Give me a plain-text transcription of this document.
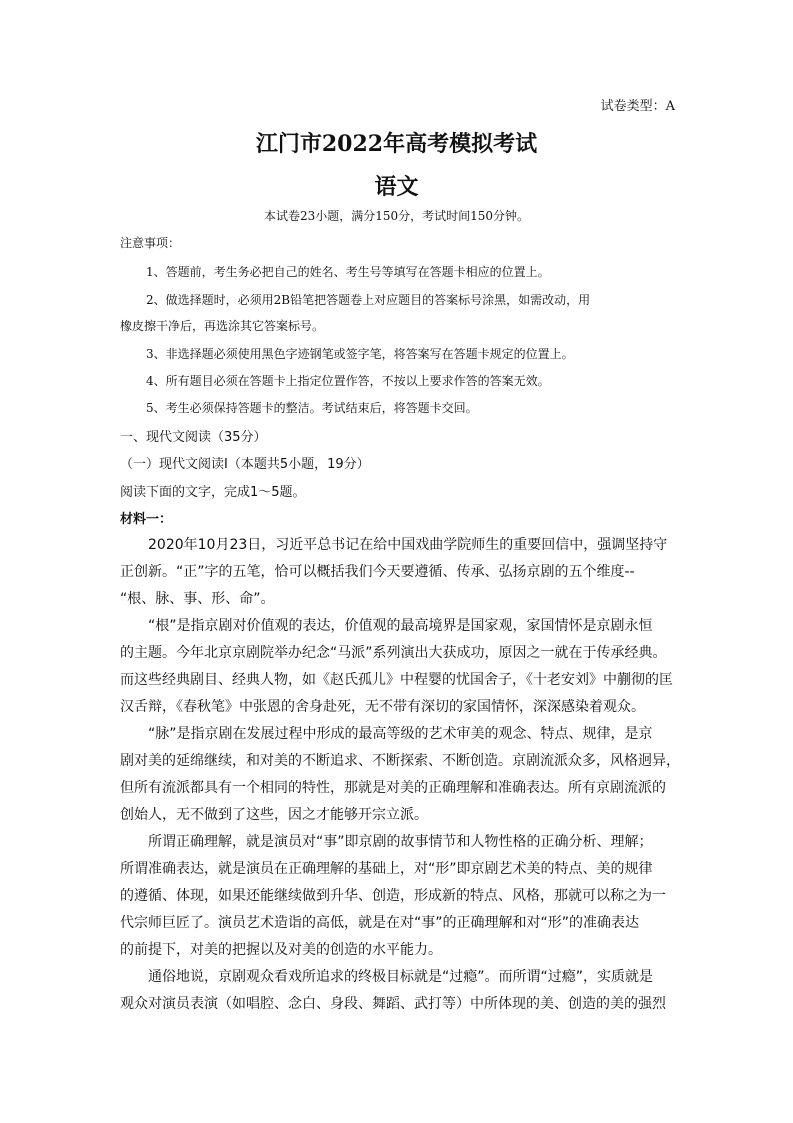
试卷类型：A
江门市2022年高考模拟考试
语文
本试卷23小题，满分150分，考试时间150分钟。
注意事项：
1、答题前，考生务必把自己的姓名、考生号等填写在答题卡相应的位置上。
2、做选择题时，必须用2B铅笔把答题卷上对应题目的答案标号涂黑，如需改动，用
橡皮擦干净后，再选涂其它答案标号。
3、非选择题必须使用黑色字迹钢笔或签字笔，将答案写在答题卡规定的位置上。
4、所有题目必须在答题卡上指定位置作答，不按以上要求作答的答案无效。
5、考生必须保持答题卡的整洁。考试结束后，将答题卡交回。
一、现代文阅读（35分）
（一）现代文阅读I（本题共5小题，19分）
阅读下面的文字，完成1～5题。
材料一：
2020年10月23日，习近平总书记在给中国戏曲学院师生的重要回信中，强调坚持守
正创新。“正”字的五笔，恰可以概括我们今天要遵循、传承、弘扬京剧的五个维度--
“根、脉、事、形、命”。
“根”是指京剧对价值观的表达，价值观的最高境界是国家观，家国情怀是京剧永恒
的主题。今年北京京剧院举办纪念“马派”系列演出大获成功，原因之一就在于传承经典。
而这些经典剧目、经典人物，如《赵氏孤儿》中程婴的忧国舍子，《十老安刘》中蒯彻的匡
汉舌辩，《春秋笔》中张恩的舍身赴死，无不带有深切的家国情怀，深深感染着观众。
“脉”是指京剧在发展过程中形成的最高等级的艺术审美的观念、特点、规律，是京
剧对美的延绵继续，和对美的不断追求、不断探索、不断创造。京剧流派众多，风格迥异，
但所有流派都具有一个相同的特性，那就是对美的正确理解和准确表达。所有京剧流派的
创始人，无不做到了这些，因之才能够开宗立派。
所谓正确理解，就是演员对“事”即京剧的故事情节和人物性格的正确分析、理解；
所谓准确表达，就是演员在正确理解的基础上，对“形”即京剧艺术美的特点、美的规律
的遵循、体现，如果还能继续做到升华、创造，形成新的特点、风格，那就可以称之为一
代宗师巨匠了。演员艺术造诣的高低，就是在对“事”的正确理解和对“形”的准确表达
的前提下，对美的把握以及对美的创造的水平能力。
通俗地说，京剧观众看戏所追求的终极目标就是“过瘾”。而所谓“过瘾”，实质就是
观众对演员表演（如唱腔、念白、身段、舞蹈、武打等）中所体现的美、创造的美的强烈
